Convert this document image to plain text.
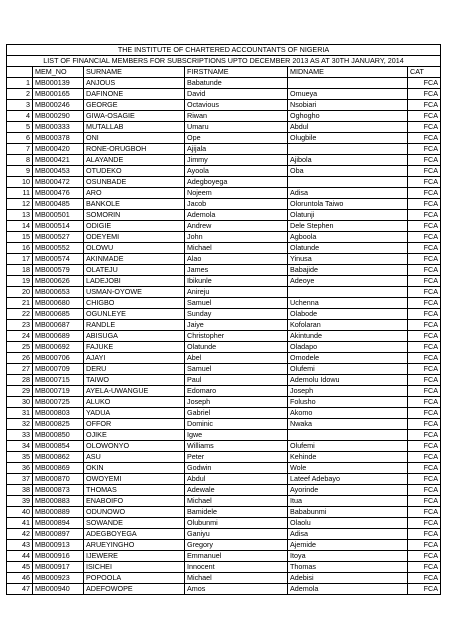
THE INSTITUTE OF CHARTERED ACCOUNTANTS OF NIGERIA					
LIST OF FINANCIAL MEMBERS FOR SUBSCRIPTIONS UPTO DECEMBER 2013 AS AT 30TH JANUARY, 2014					
	MEM_NO	SURNAME	FIRSTNAME	MIDNAME	CAT
1	MB000139	ANJOUS	Babatunde		FCA
2	MB000165	DAFINONE	David	Omueya	FCA
3	MB000246	GEORGE	Octavious	Nsobiari	FCA
4	MB000290	GIWA-OSAGIE	Riwan	Oghogho	FCA
5	MB000333	MUTALLAB	Umaru	Abdul	FCA
6	MB000378	ONI	Ope	Olugbile	FCA
7	MB000420	RONE-ORUGBOH	Ajijala		FCA
8	MB000421	ALAYANDE	Jimmy	Ajibola	FCA
9	MB000453	OTUDEKO	Ayoola	Oba	FCA
10	MB000472	OSUNBADE	Adegboyega		FCA
11	MB000476	ARO	Nojeem	Adisa	FCA
12	MB000485	BANKOLE	Jacob	Oloruntola Taiwo	FCA
13	MB000501	SOMORIN	Ademola	Olatunji	FCA
14	MB000514	ODIGIE	Andrew	Dele Stephen	FCA
15	MB000527	ODEYEMI	John	Agboola	FCA
16	MB000552	OLOWU	Michael	Olatunde	FCA
17	MB000574	AKINMADE	Alao	Yinusa	FCA
18	MB000579	OLATEJU	James	Babajide	FCA
19	MB000626	LADEJOBI	Ibikunle	Adeoye	FCA
20	MB000653	USMAN-OYOWE	Anireju		FCA
21	MB000680	CHIGBO	Samuel	Uchenna	FCA
22	MB000685	OGUNLEYE	Sunday	Olabode	FCA
23	MB000687	RANDLE	Jaiye	Kofolaran	FCA
24	MB000689	ABISUGA	Christopher	Akintunde	FCA
25	MB000692	FAJUKE	Olatunde	Oladapo	FCA
26	MB000706	AJAYI	Abel	Omodele	FCA
27	MB000709	DERU	Samuel	Olufemi	FCA
28	MB000715	TAIWO	Paul	Ademolu Idowu	FCA
29	MB000719	AYELA-UWANGUE	Edomaro	Joseph	FCA
30	MB000725	ALUKO	Joseph	Folusho	FCA
31	MB000803	YADUA	Gabriel	Akomo	FCA
32	MB000825	OFFOR	Dominic	Nwaka	FCA
33	MB000850	OJIKE	Igwe		FCA
34	MB000854	OLOWONYO	Williams	Olufemi	FCA
35	MB000862	ASU	Peter	Kehinde	FCA
36	MB000869	OKIN	Godwin	Wole	FCA
37	MB000870	OWOYEMI	Abdul	Lateef Adebayo	FCA
38	MB000873	THOMAS	Adewale	Ayorinde	FCA
39	MB000883	ENABOIFO	Michael	Itua	FCA
40	MB000889	ODUNOWO	Bamidele	Bababunmi	FCA
41	MB000894	SOWANDE	Olubunmi	Olaolu	FCA
42	MB000897	ADEGBOYEGA	Ganiyu	Adisa	FCA
43	MB000913	ARUEYINGHO	Gregory	Ajemide	FCA
44	MB000916	IJEWERE	Emmanuel	Itoya	FCA
45	MB000917	ISICHEI	Innocent	Thomas	FCA
46	MB000923	POPOOLA	Michael	Adebisi	FCA
47	MB000940	ADEFOWOPE	Amos	Ademola	FCA
